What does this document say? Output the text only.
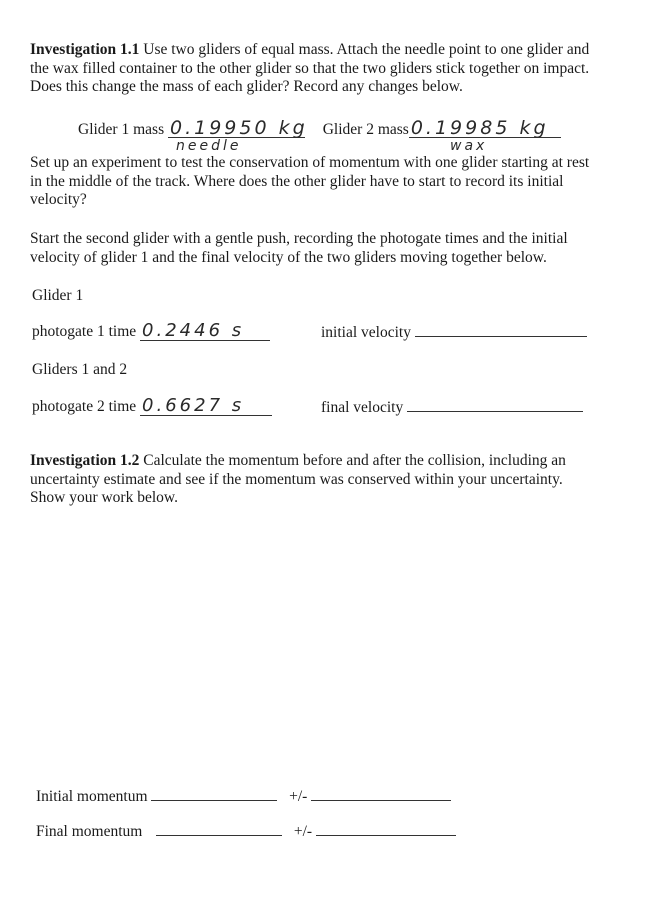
Investigation 1.1 Use two gliders of equal mass. Attach the needle point to one glider and the wax filled container to the other glider so that the two gliders stick together on impact. Does this change the mass of each glider? Record any changes below.

Glider 1 mass 0.19950 kg Glider 2 mass 0.19985 kg
needle	wax

Set up an experiment to test the conservation of momentum with one glider starting at rest in the middle of the track. Where does the other glider have to start to record its initial velocity?

Start the second glider with a gentle push, recording the photogate times and the initial velocity of glider 1 and the final velocity of the two gliders moving together below.

Glider 1
photogate 1 time 0.2446 s	initial velocity
Gliders 1 and 2
photogate 2 time 0.6627 s	final velocity

Investigation 1.2 Calculate the momentum before and after the collision, including an uncertainty estimate and see if the momentum was conserved within your uncertainty. Show your work below.

Initial momentum	+/-
Final momentum	+/-
